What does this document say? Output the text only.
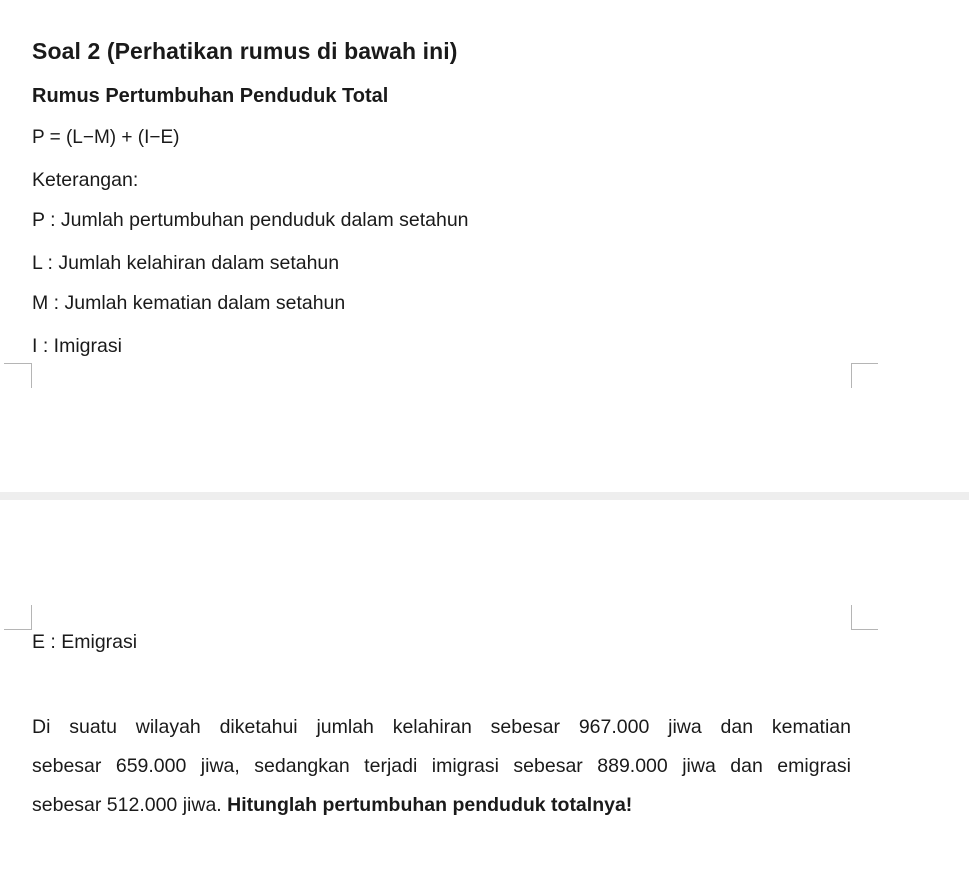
Soal 2 (Perhatikan rumus di bawah ini)
Rumus Pertumbuhan Penduduk Total
P = (L−M) + (I−E)
Keterangan:
P : Jumlah pertumbuhan penduduk dalam setahun
L : Jumlah kelahiran dalam setahun
M : Jumlah kematian dalam setahun
I : Imigrasi
E : Emigrasi
Di suatu wilayah diketahui jumlah kelahiran sebesar 967.000 jiwa dan kematian
sebesar 659.000 jiwa, sedangkan terjadi imigrasi sebesar 889.000 jiwa dan emigrasi
sebesar 512.000 jiwa. Hitunglah pertumbuhan penduduk totalnya!
